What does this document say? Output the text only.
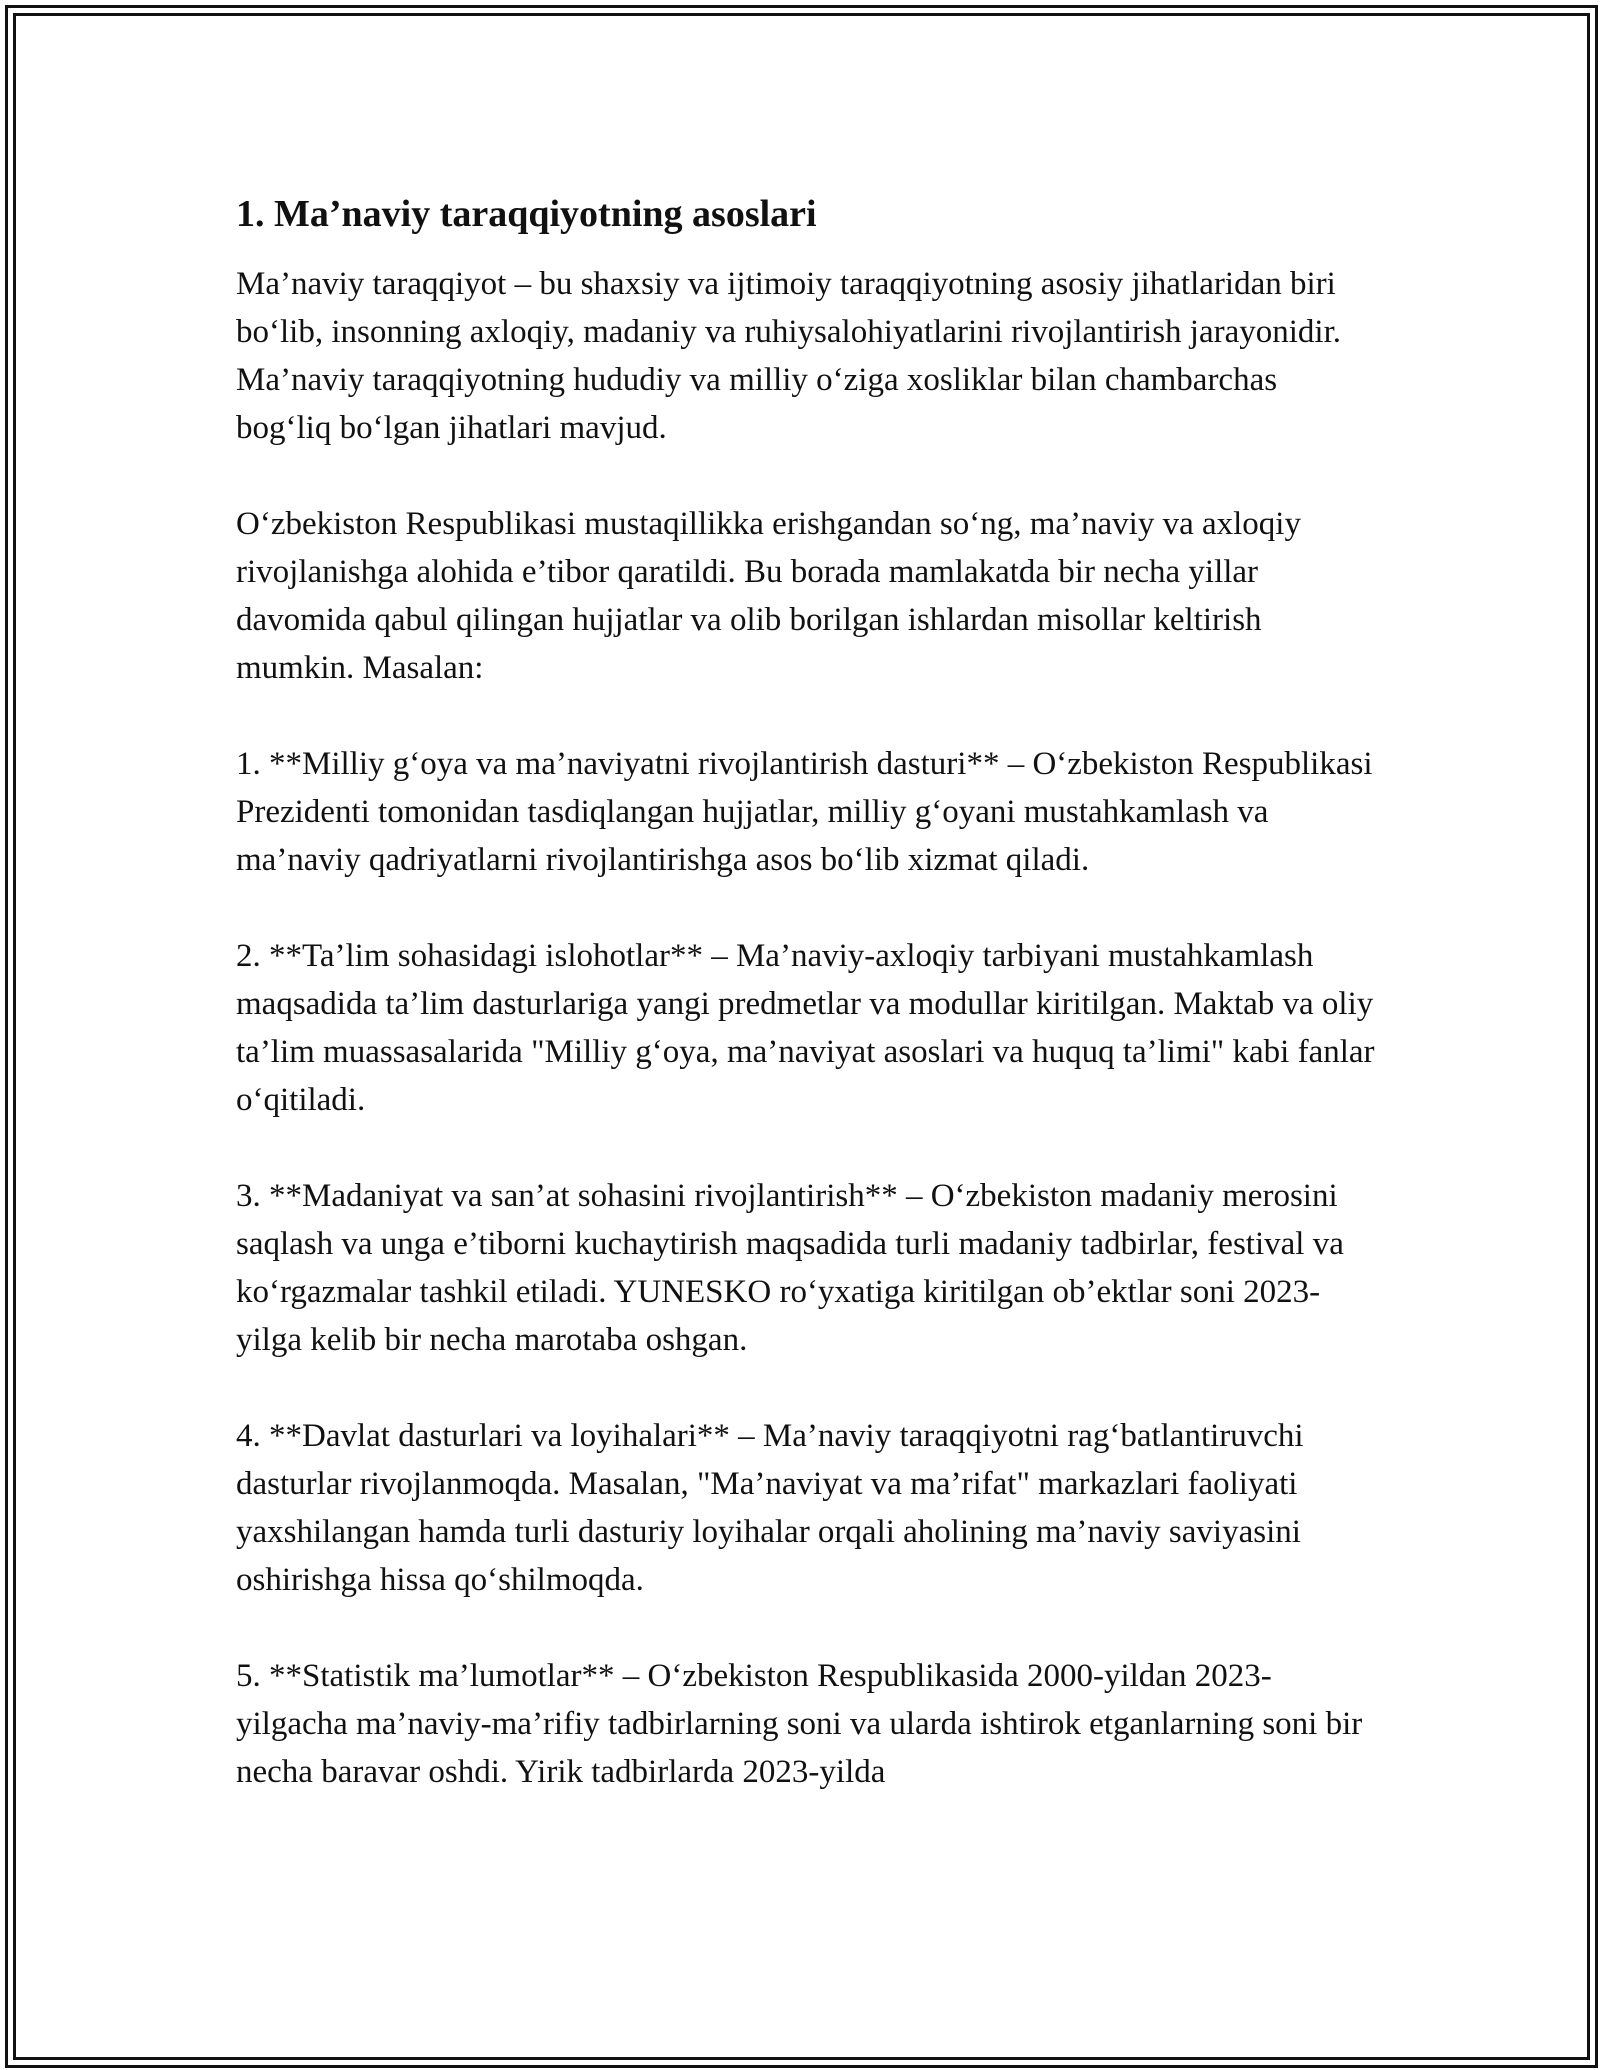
1. Ma’naviy taraqqiyotning asoslari

Ma’naviy taraqqiyot – bu shaxsiy va ijtimoiy taraqqiyotning asosiy jihatlaridan biri bo‘lib, insonning axloqiy, madaniy va ruhiysalohiyatlarini rivojlantirish jarayonidir. Ma’naviy taraqqiyotning hududiy va milliy o‘ziga xosliklar bilan chambarchas bog‘liq bo‘lgan jihatlari mavjud.

O‘zbekiston Respublikasi mustaqillikka erishgandan so‘ng, ma’naviy va axloqiy rivojlanishga alohida e’tibor qaratildi. Bu borada mamlakatda bir necha yillar davomida qabul qilingan hujjatlar va olib borilgan ishlardan misollar keltirish mumkin. Masalan:

1. **Milliy g‘oya va ma’naviyatni rivojlantirish dasturi** – O‘zbekiston Respublikasi Prezidenti tomonidan tasdiqlangan hujjatlar, milliy g‘oyani mustahkamlash va ma’naviy qadriyatlarni rivojlantirishga asos bo‘lib xizmat qiladi.

2. **Ta’lim sohasidagi islohotlar** – Ma’naviy-axloqiy tarbiyani mustahkamlash maqsadida ta’lim dasturlariga yangi predmetlar va modullar kiritilgan. Maktab va oliy ta’lim muassasalarida "Milliy g‘oya, ma’naviyat asoslari va huquq ta’limi" kabi fanlar o‘qitiladi.

3. **Madaniyat va san’at sohasini rivojlantirish** – O‘zbekiston madaniy merosini saqlash va unga e’tiborni kuchaytirish maqsadida turli madaniy tadbirlar, festival va ko‘rgazmalar tashkil etiladi. YUNESKO ro‘yxatiga kiritilgan ob’ektlar soni 2023-yilga kelib bir necha marotaba oshgan.

4. **Davlat dasturlari va loyihalari** – Ma’naviy taraqqiyotni rag‘batlantiruvchi dasturlar rivojlanmoqda. Masalan, "Ma’naviyat va ma’rifat" markazlari faoliyati yaxshilangan hamda turli dasturiy loyihalar orqali aholining ma’naviy saviyasini oshirishga hissa qo‘shilmoqda.

5. **Statistik ma’lumotlar** – O‘zbekiston Respublikasida 2000-yildan 2023-yilgacha ma’naviy-ma’rifiy tadbirlarning soni va ularda ishtirok etganlarning soni bir necha baravar oshdi. Yirik tadbirlarda 2023-yilda
